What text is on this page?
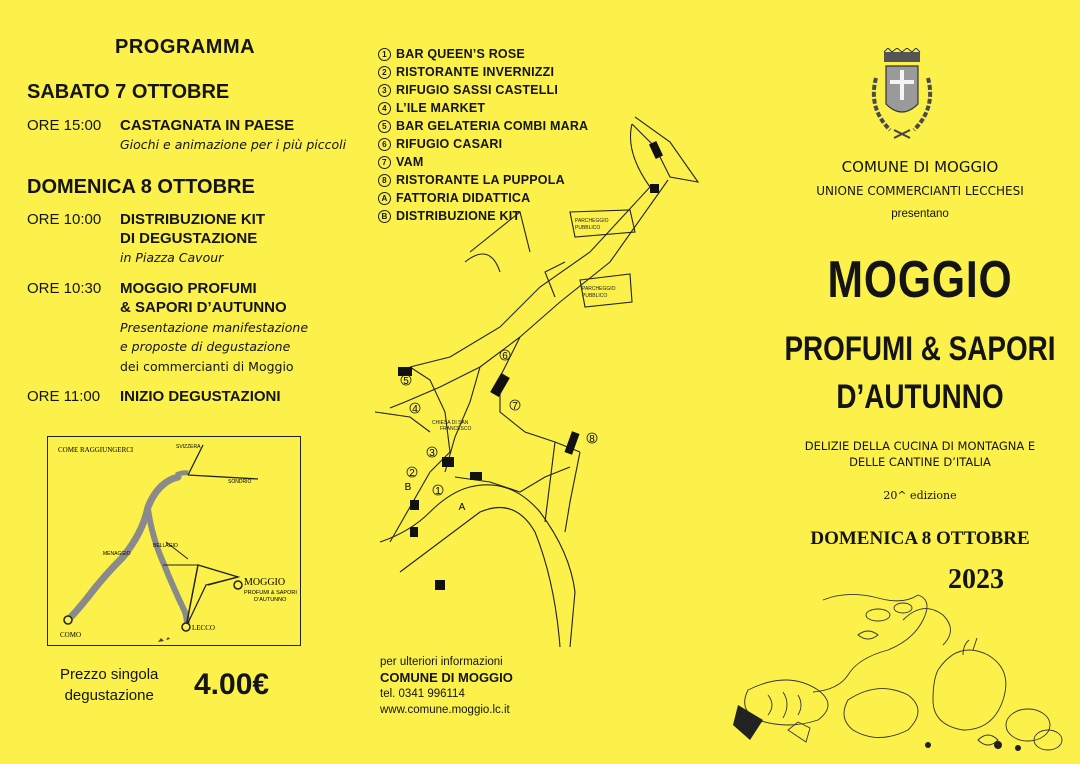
PROGRAMMA
SABATO 7 OTTOBRE
ORE 15:00 CASTAGNATA IN PAESE
Giochi e animazione per i più piccoli
DOMENICA 8 OTTOBRE
ORE 10:00 DISTRIBUZIONE KIT
DI DEGUSTAZIONE
in Piazza Cavour
ORE 10:30 MOGGIO PROFUMI
& SAPORI D’AUTUNNO
Presentazione manifestazione
e proposte di degustazione
dei commercianti di Moggio
ORE 11:00 INIZIO DEGUSTAZIONI
COME RAGGIUNGERCI
COMO
LECCO
MOGGIO
PROFUMI & SAPORI
D’AUTUNNO
SVIZZERA
SONDRIO
BELLAGIO
MENAGGIO
Prezzo singola
degustazione 4.00€
1 BAR QUEEN’S ROSE
2 RISTORANTE INVERNIZZI
3 RIFUGIO SASSI CASTELLI
4 L’ILE MARKET
5 BAR GELATERIA COMBI MARA
6 RIFUGIO CASARI
7 VAM
8 RISTORANTE LA PUPPOLA
A FATTORIA DIDATTICA
B DISTRIBUZIONE KIT	PARCHEGGIO
PUBBLICO
PARCHEGGIO
PUBBLICO
CHIESA DI SAN
FRANCESCO
5
4
6
7
8
3
2
1
B
A
per ulteriori informazioni
COMUNE DI MOGGIO
tel. 0341 996114
www.comune.moggio.lc.it
COMUNE DI MOGGIO
UNIONE COMMERCIANTI LECCHESI
presentano
MOGGIO
PROFUMI & SAPORI
D’AUTUNNO
DELIZIE DELLA CUCINA DI MONTAGNA E
DELLE CANTINE D’ITALIA
20^ edizione
DOMENICA 8 OTTOBRE
2023
